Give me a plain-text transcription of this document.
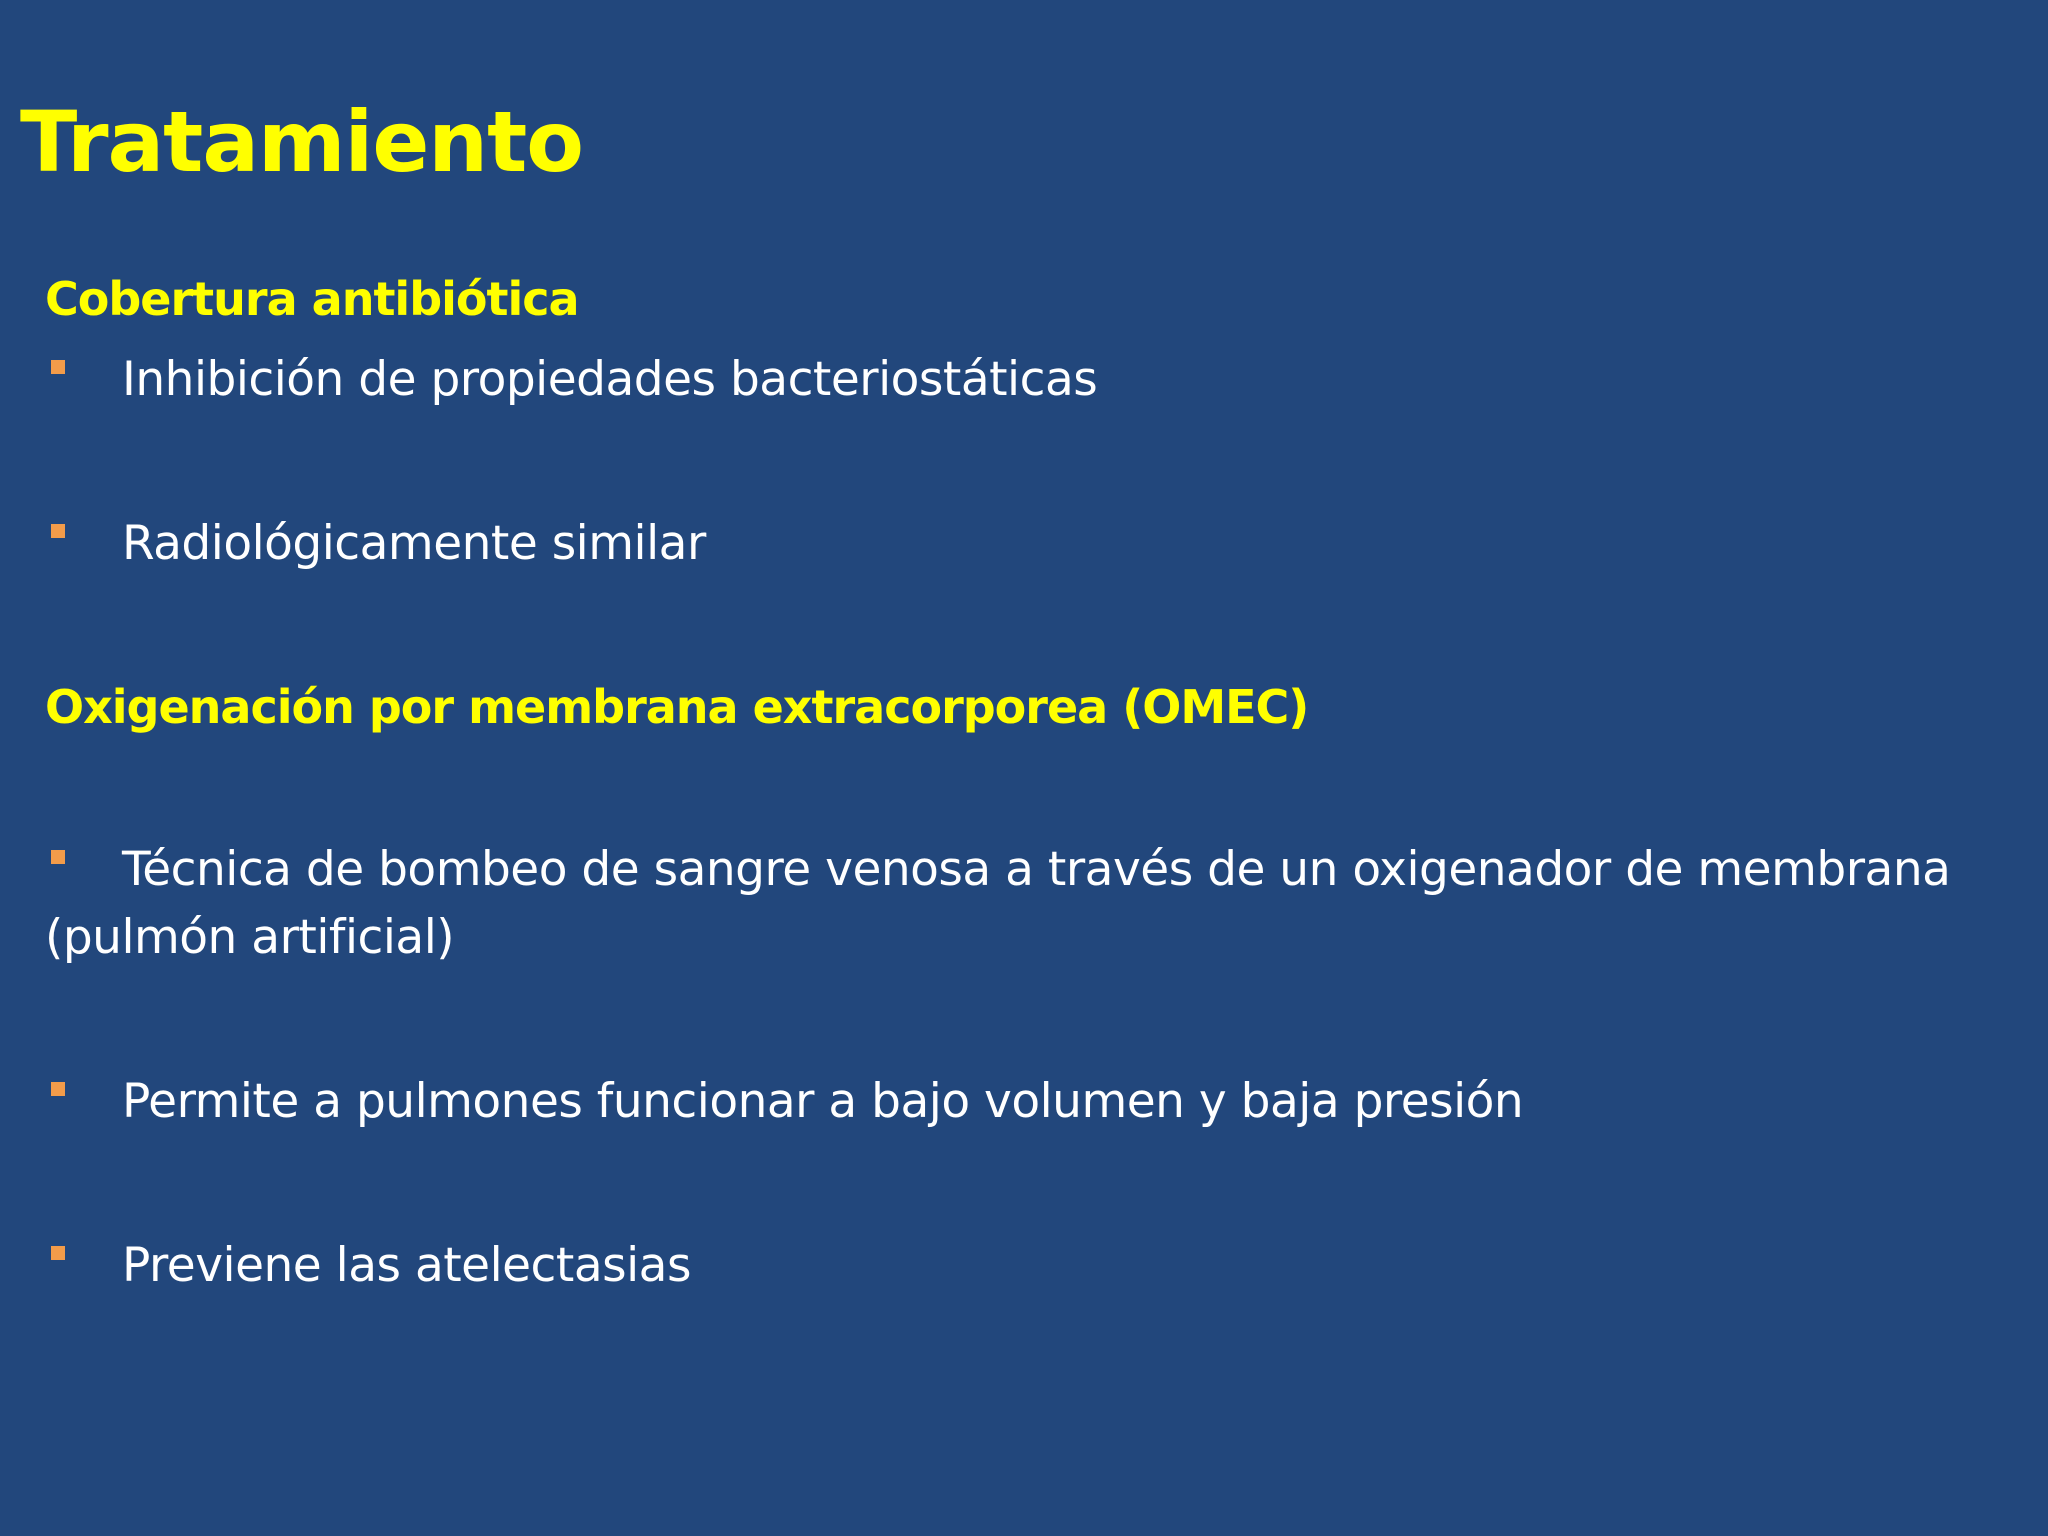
Tratamiento
Cobertura antibiótica
Inhibición de propiedades bacteriostáticas
Radiológicamente similar
Oxigenación por membrana extracorporea (OMEC)
Técnica de bombeo de sangre venosa a través de un oxigenador de membrana (pulmón artificial)
Permite a pulmones funcionar a bajo volumen y baja presión
Previene las atelectasias
